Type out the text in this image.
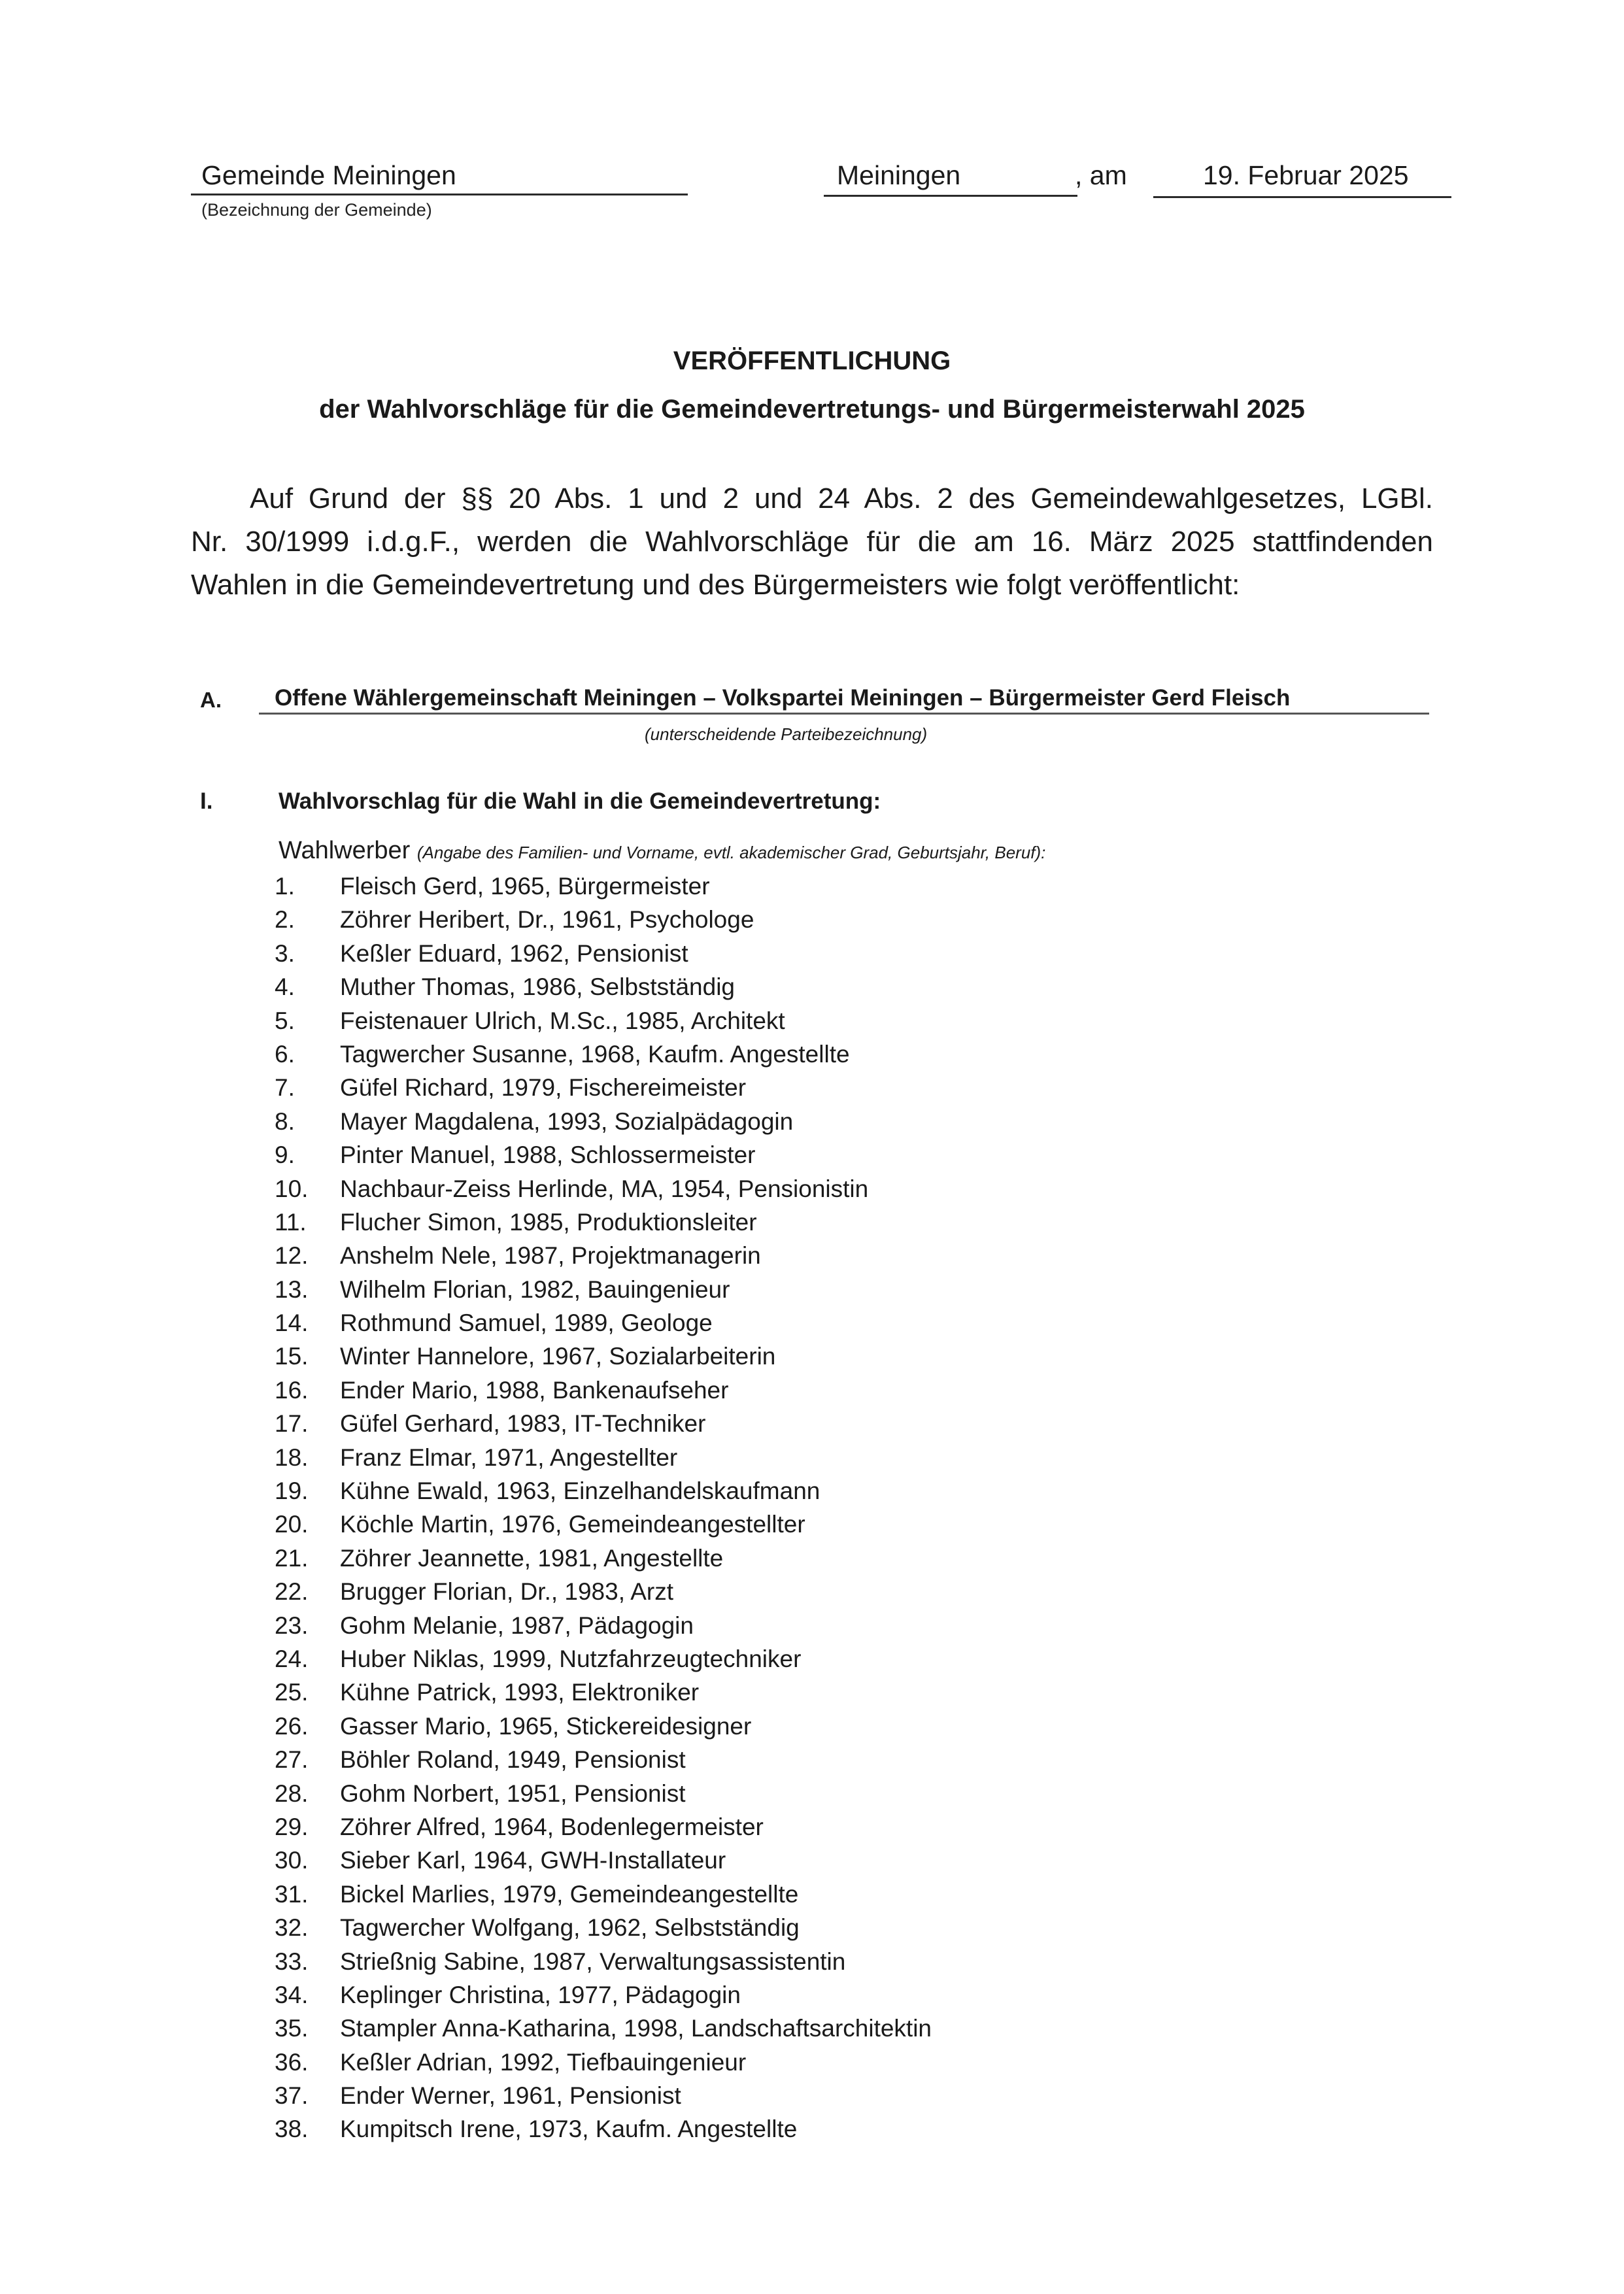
Gemeinde Meiningen
(Bezeichnung der Gemeinde)
Meiningen	, am	19. Februar 2025
VERÖFFENTLICHUNG
der Wahlvorschläge für die Gemeindevertretungs- und Bürgermeisterwahl 2025

Auf Grund der §§ 20 Abs. 1 und 2 und 24 Abs. 2 des Gemeindewahlgesetzes, LGBl.

Nr. 30/1999 i.d.g.F., werden die Wahlvorschläge für die am 16. März 2025 stattfindenden

Wahlen in die Gemeindevertretung und des Bürgermeisters wie folgt veröffentlicht:

A. Offene Wählergemeinschaft Meiningen – Volkspartei Meiningen – Bürgermeister Gerd Fleisch
(unterscheidende Parteibezeichnung)
I.	Wahlvorschlag für die Wahl in die Gemeindevertretung:
Wahlwerber (Angabe des Familien- und Vorname, evtl. akademischer Grad, Geburtsjahr, Beruf):
1.	Fleisch Gerd, 1965, Bürgermeister
2.	Zöhrer Heribert, Dr., 1961, Psychologe
3.	Keßler Eduard, 1962, Pensionist
4.	Muther Thomas, 1986, Selbstständig
5.	Feistenauer Ulrich, M.Sc., 1985, Architekt
6.	Tagwercher Susanne, 1968, Kaufm. Angestellte
7.	Güfel Richard, 1979, Fischereimeister
8.	Mayer Magdalena, 1993, Sozialpädagogin
9.	Pinter Manuel, 1988, Schlossermeister
10.	Nachbaur-Zeiss Herlinde, MA, 1954, Pensionistin
11.	Flucher Simon, 1985, Produktionsleiter
12.	Anshelm Nele, 1987, Projektmanagerin
13.	Wilhelm Florian, 1982, Bauingenieur
14.	Rothmund Samuel, 1989, Geologe
15.	Winter Hannelore, 1967, Sozialarbeiterin
16.	Ender Mario, 1988, Bankenaufseher
17.	Güfel Gerhard, 1983, IT-Techniker
18.	Franz Elmar, 1971, Angestellter
19.	Kühne Ewald, 1963, Einzelhandelskaufmann
20.	Köchle Martin, 1976, Gemeindeangestellter
21.	Zöhrer Jeannette, 1981, Angestellte
22.	Brugger Florian, Dr., 1983, Arzt
23.	Gohm Melanie, 1987, Pädagogin
24.	Huber Niklas, 1999, Nutzfahrzeugtechniker
25.	Kühne Patrick, 1993, Elektroniker
26.	Gasser Mario, 1965, Stickereidesigner
27.	Böhler Roland, 1949, Pensionist
28.	Gohm Norbert, 1951, Pensionist
29.	Zöhrer Alfred, 1964, Bodenlegermeister
30.	Sieber Karl, 1964, GWH-Installateur
31.	Bickel Marlies, 1979, Gemeindeangestellte
32.	Tagwercher Wolfgang, 1962, Selbstständig
33.	Strießnig Sabine, 1987, Verwaltungsassistentin
34.	Keplinger Christina, 1977, Pädagogin
35.	Stampler Anna-Katharina, 1998, Landschaftsarchitektin
36.	Keßler Adrian, 1992, Tiefbauingenieur
37.	Ender Werner, 1961, Pensionist
38.	Kumpitsch Irene, 1973, Kaufm. Angestellte
